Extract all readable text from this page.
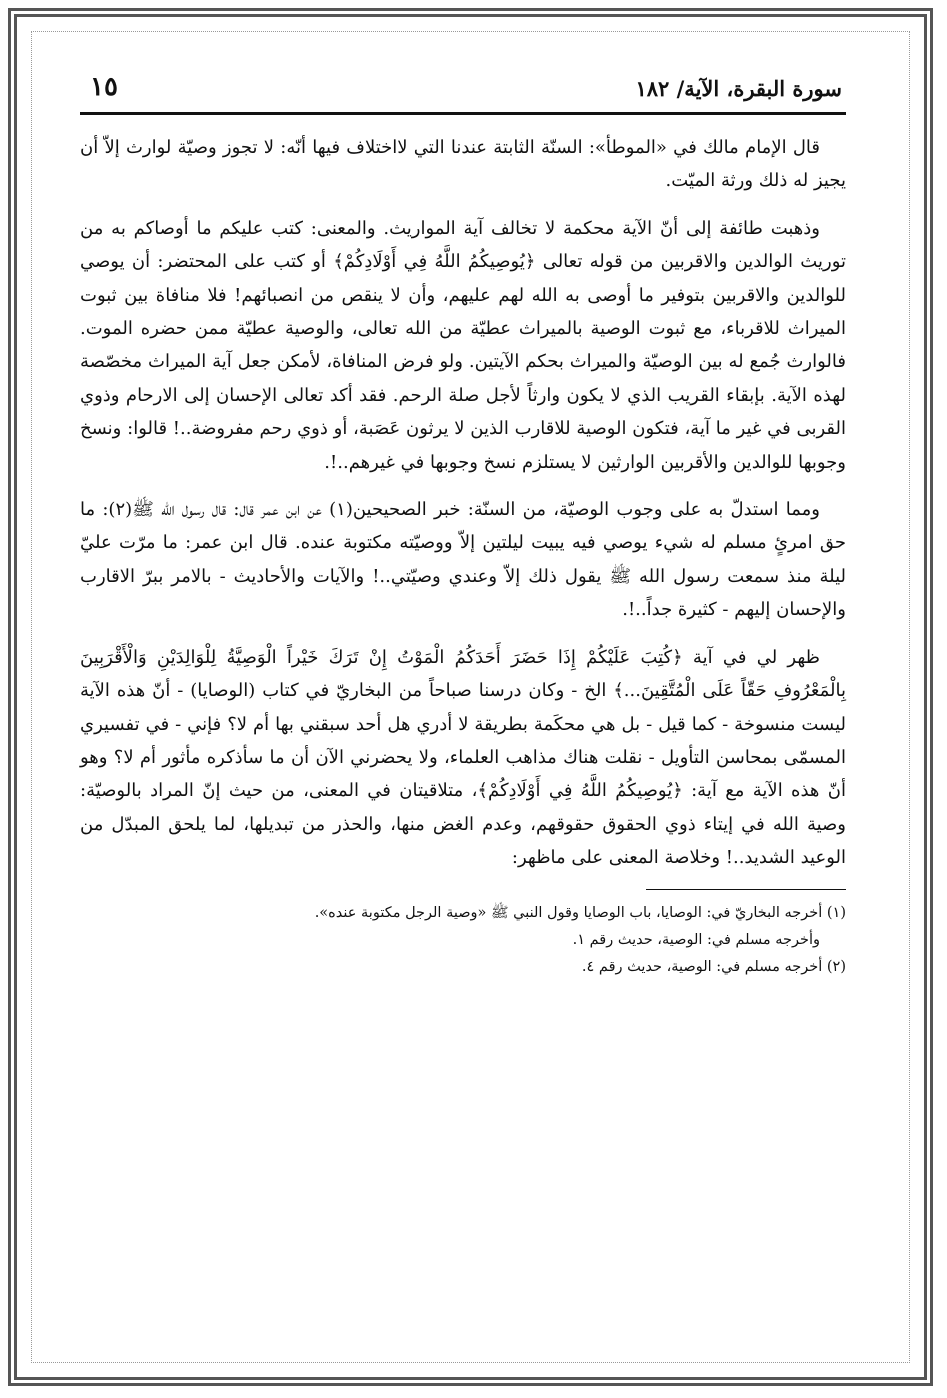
سورة البقرة، الآية/ ١٨٢
١٥

قال الإمام مالك في «الموطأ»: السنّة الثابتة عندنا التي لااختلاف فيها أنّه: لا تجوز وصيّة لوارث إلاّ أن يجيز له ذلك ورثة الميّت.

وذهبت طائفة إلى أنّ الآية محكمة لا تخالف آية المواريث. والمعنى: كتب عليكم ما أوصاكم به من توريث الوالدين والاقربين من قوله تعالى ﴿يُوصِيكُمُ اللَّهُ فِي أَوْلَادِكُمْ﴾ أو كتب على المحتضر: أن يوصي للوالدين والاقربين بتوفير ما أوصى به الله لهم عليهم، وأن لا ينقص من انصبائهم! فلا منافاة بين ثبوت الميراث للاقرباء، مع ثبوت الوصية بالميراث عطيّة من الله تعالى، والوصية عطيّة ممن حضره الموت. فالوارث جُمع له بين الوصيّة والميراث بحكم الآيتين. ولو فرض المنافاة، لأمكن جعل آية الميراث مخصّصة لهذه الآية. بإبقاء القريب الذي لا يكون وارثاً لأجل صلة الرحم. فقد أكد تعالى الإحسان إلى الارحام وذوي القربى في غير ما آية، فتكون الوصية للاقارب الذين لا يرثون عَصَبة، أو ذوي رحم مفروضة..! قالوا: ونسخ وجوبها للوالدين والأقربين الوارثين لا يستلزم نسخ وجوبها في غيرهم..!.

ومما استدلّ به على وجوب الوصيّة، من السنّة: خبر الصحيحين(١) عن ابن عمر قال: قال رسول الله ﷺ(٢): ما حق امرئٍ مسلم له شيء يوصي فيه يبيت ليلتين إلاّ ووصيّته مكتوبة عنده. قال ابن عمر: ما مرّت عليّ ليلة منذ سمعت رسول الله ﷺ يقول ذلك إلاّ وعندي وصيّتي..! والآيات والأحاديث - بالامر ببرّ الاقارب والإحسان إليهم - كثيرة جداً..!.

ظهر لي في آية ﴿كُتِبَ عَلَيْكُمْ إِذَا حَضَرَ أَحَدَكُمُ الْمَوْتُ إِنْ تَرَكَ خَيْراً الْوَصِيَّةُ لِلْوَالِدَيْنِ وَالْأَقْرَبِينَ بِالْمَعْرُوفِ حَقّاً عَلَى الْمُتَّقِينَ...﴾ الخ - وكان درسنا صباحاً من البخاريّ في كتاب (الوصايا) - أنّ هذه الآية ليست منسوخة - كما قيل - بل هي محكَمة بطريقة لا أدري هل أحد سبقني بها أم لا؟ فإني - في تفسيري المسمّى بمحاسن التأويل - نقلت هناك مذاهب العلماء، ولا يحضرني الآن أن ما سأذكره مأثور أم لا؟ وهو أنّ هذه الآية مع آية: ﴿يُوصِيكُمُ اللَّهُ فِي أَوْلَادِكُمْ﴾، متلاقيتان في المعنى، من حيث إنّ المراد بالوصيّة: وصية الله في إيتاء ذوي الحقوق حقوقهم، وعدم الغض منها، والحذر من تبديلها، لما يلحق المبدّل من الوعيد الشديد..! وخلاصة المعنى على ماظهر:

(١) أخرجه البخاريّ في: الوصايا، باب الوصايا وقول النبي ﷺ «وصية الرجل مكتوبة عنده».

وأخرجه مسلم في: الوصية، حديث رقم ١.

(٢) أخرجه مسلم في: الوصية، حديث رقم ٤.
